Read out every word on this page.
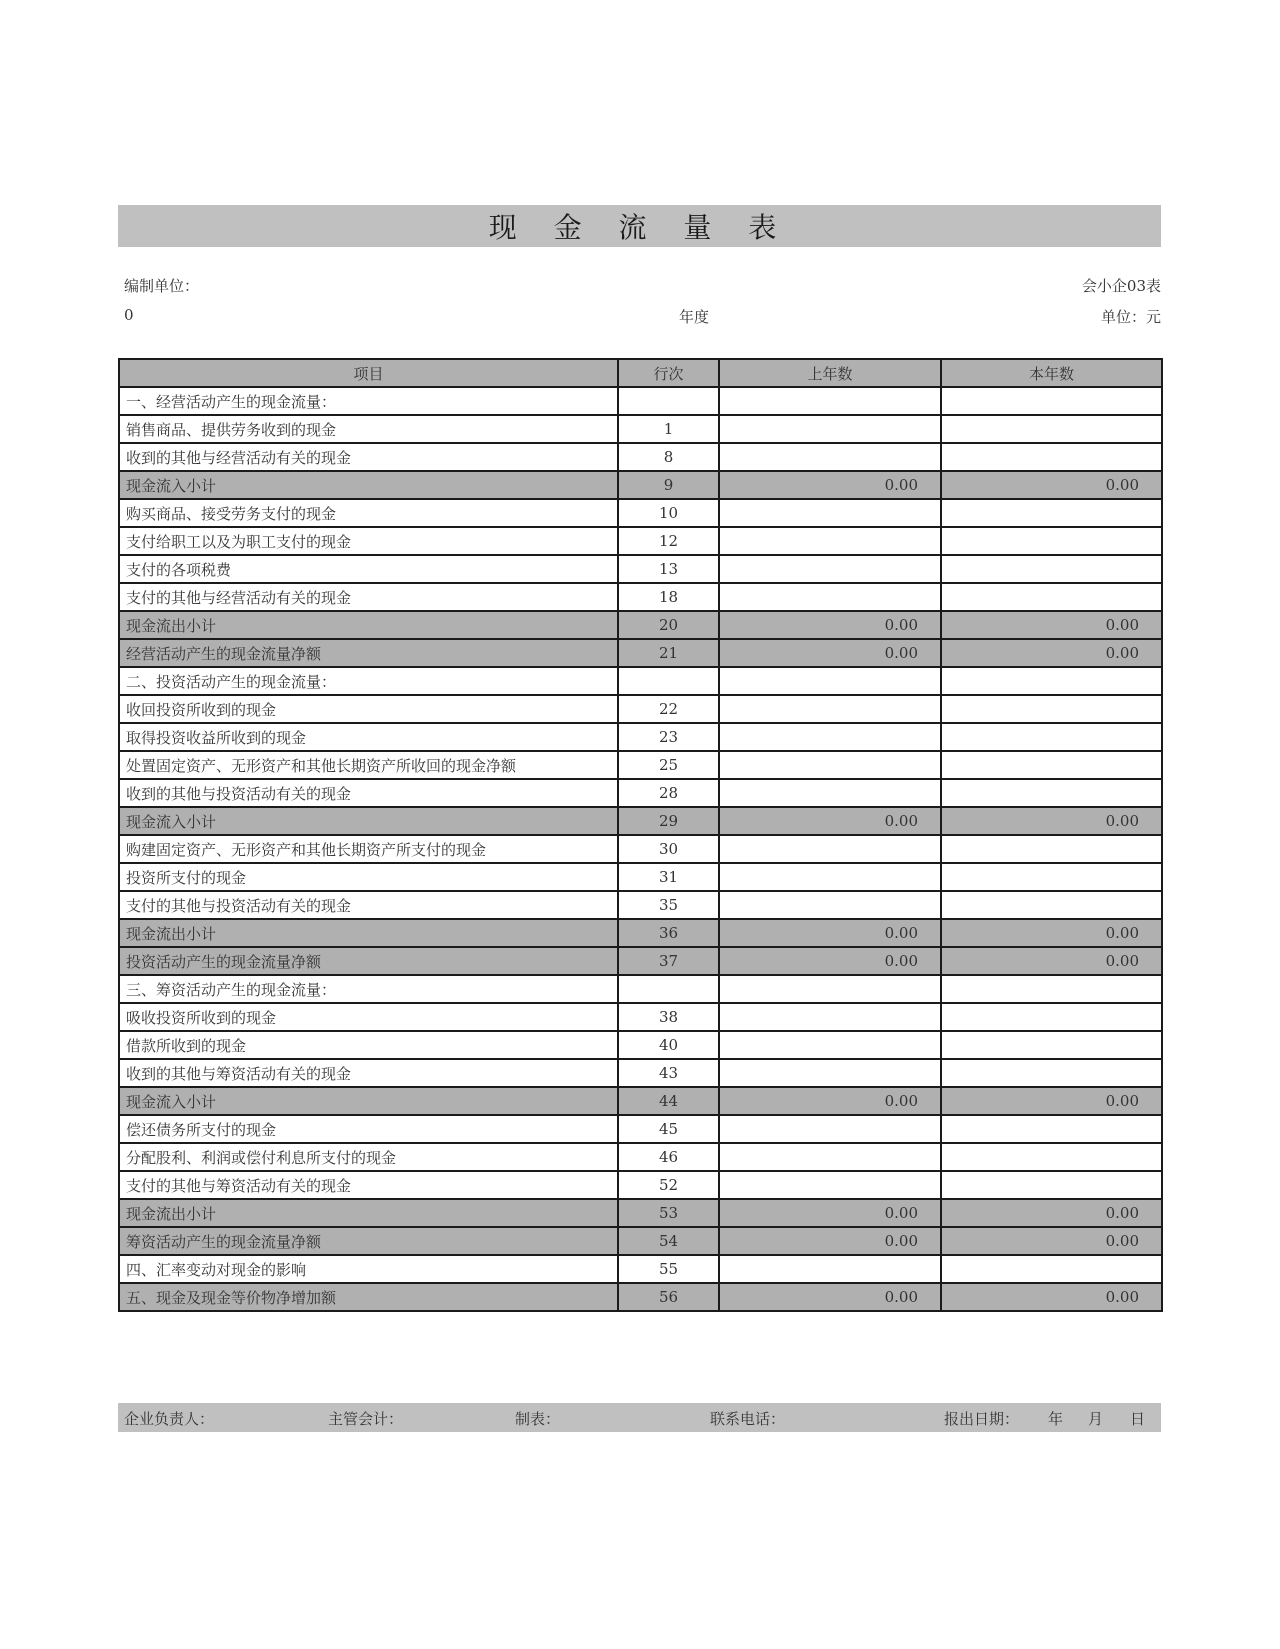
现 金 流 量 表
编制单位：	会小企03表
0	年度	单位：元
项目	行次	上年数	本年数
一、经营活动产生的现金流量：			
销售商品、提供劳务收到的现金	1		
收到的其他与经营活动有关的现金	8		
现金流入小计	9	0.00	0.00
购买商品、接受劳务支付的现金	10		
支付给职工以及为职工支付的现金	12		
支付的各项税费	13		
支付的其他与经营活动有关的现金	18		
现金流出小计	20	0.00	0.00
经营活动产生的现金流量净额	21	0.00	0.00
二、投资活动产生的现金流量：			
收回投资所收到的现金	22		
取得投资收益所收到的现金	23		
处置固定资产、无形资产和其他长期资产所收回的现金净额	25		
收到的其他与投资活动有关的现金	28		
现金流入小计	29	0.00	0.00
购建固定资产、无形资产和其他长期资产所支付的现金	30		
投资所支付的现金	31		
支付的其他与投资活动有关的现金	35		
现金流出小计	36	0.00	0.00
投资活动产生的现金流量净额	37	0.00	0.00
三、筹资活动产生的现金流量：			
吸收投资所收到的现金	38		
借款所收到的现金	40		
收到的其他与筹资活动有关的现金	43		
现金流入小计	44	0.00	0.00
偿还债务所支付的现金	45		
分配股利、利润或偿付利息所支付的现金	46		
支付的其他与筹资活动有关的现金	52		
现金流出小计	53	0.00	0.00
筹资活动产生的现金流量净额	54	0.00	0.00
四、汇率变动对现金的影响	55		
五、现金及现金等价物净增加额	56	0.00	0.00
企业负责人：	主管会计：	制表：	联系电话：	报出日期： 年 月 日
